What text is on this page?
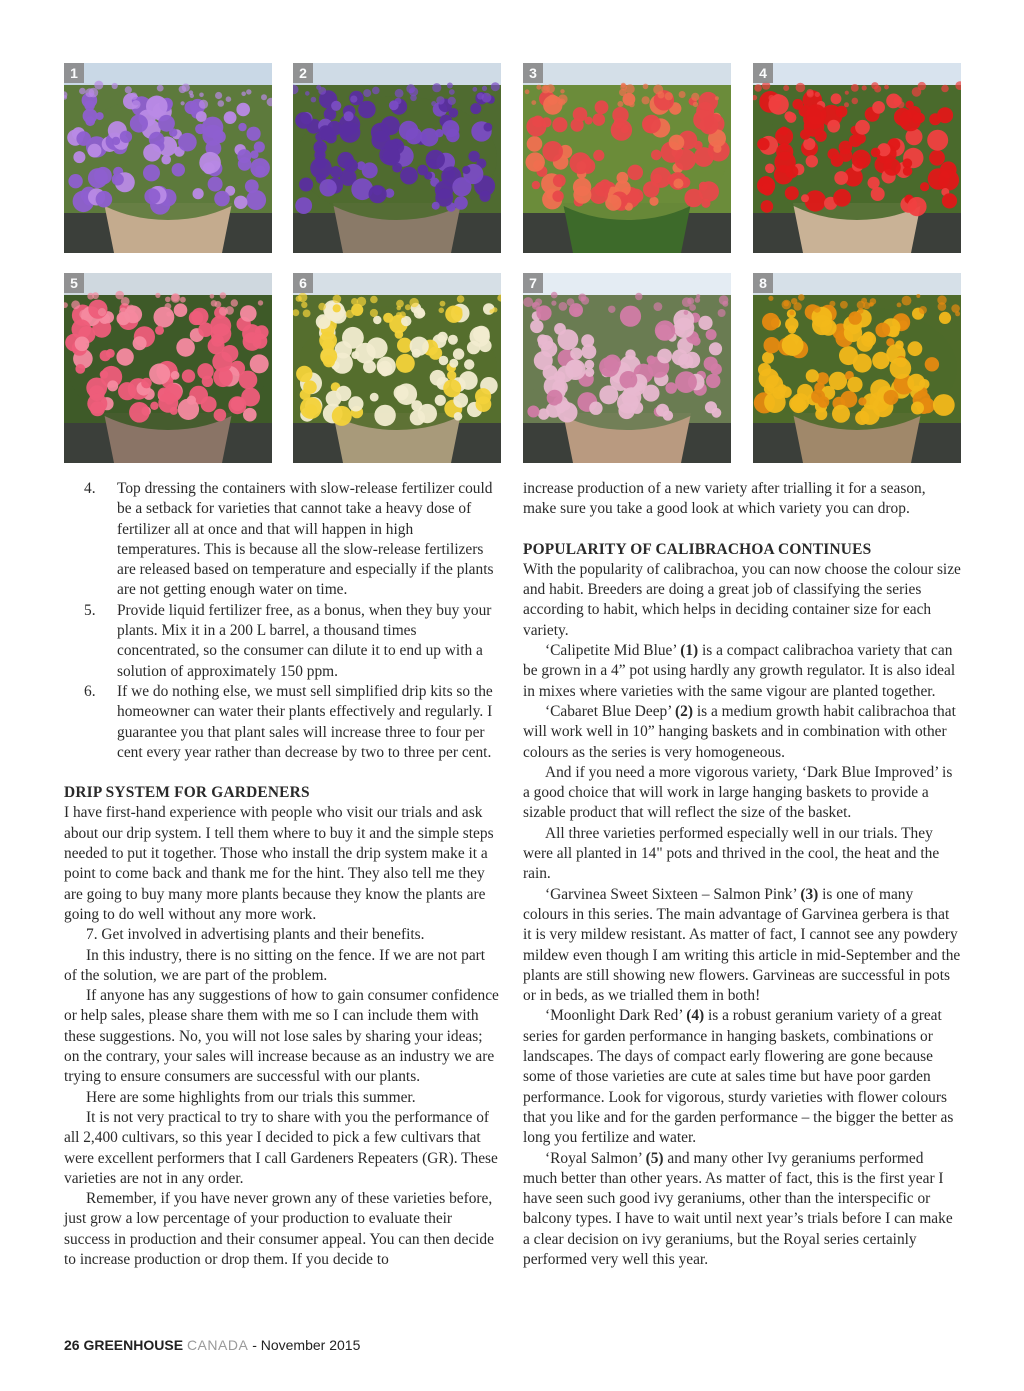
1	2	3	4
5	6	7	8
4. Top dressing the containers with slow-release fertilizer could be a setback for varieties that cannot take a heavy dose of fertilizer all at once and that will happen in high temperatures. This is because all the slow-release fertilizers are released based on temperature and especially if the plants are not getting enough water on time.
5. Provide liquid fertilizer free, as a bonus, when they buy your plants. Mix it in a 200 L barrel, a thousand times concentrated, so the consumer can dilute it to end up with a solution of approximately 150 ppm.
6. If we do nothing else, we must sell simplified drip kits so the homeowner can water their plants effectively and regularly. I guarantee you that plant sales will increase three to four per cent every year rather than decrease by two to three per cent.
DRIP SYSTEM FOR GARDENERS

I have first-hand experience with people who visit our trials and ask about our drip system. I tell them where to buy it and the simple steps needed to put it together. Those who install the drip system make it a point to come back and thank me for the hint. They also tell me they are going to buy many more plants because they know the plants are going to do well without any more work.

7. Get involved in advertising plants and their benefits.

In this industry, there is no sitting on the fence. If we are not part of the solution, we are part of the problem.

If anyone has any suggestions of how to gain consumer confidence or help sales, please share them with me so I can include them with these suggestions. No, you will not lose sales by sharing your ideas; on the contrary, your sales will increase because as an industry we are trying to ensure consumers are successful with our plants.

Here are some highlights from our trials this summer.

It is not very practical to try to share with you the performance of all 2,400 cultivars, so this year I decided to pick a few cultivars that were excellent performers that I call Gardeners Repeaters (GR). These varieties are not in any order.

Remember, if you have never grown any of these varieties before, just grow a low percentage of your production to evaluate their success in production and their consumer appeal. You can then decide to increase production or drop them. If you decide to

increase production of a new variety after trialling it for a season, make sure you take a good look at which variety you can drop.

POPULARITY OF CALIBRACHOA CONTINUES

With the popularity of calibrachoa, you can now choose the colour size and habit. Breeders are doing a great job of classifying the series according to habit, which helps in deciding container size for each variety.

‘Calipetite Mid Blue’ (1) is a compact calibrachoa variety that can be grown in a 4” pot using hardly any growth regulator. It is also ideal in mixes where varieties with the same vigour are planted together.

‘Cabaret Blue Deep’ (2) is a medium growth habit calibrachoa that will work well in 10” hanging baskets and in combination with other colours as the series is very homogeneous.

And if you need a more vigorous variety, ‘Dark Blue Improved’ is a good choice that will work in large hanging baskets to provide a sizable product that will reflect the size of the basket.

All three varieties performed especially well in our trials. They were all planted in 14" pots and thrived in the cool, the heat and the rain.

‘Garvinea Sweet Sixteen – Salmon Pink’ (3) is one of many colours in this series. The main advantage of Garvinea gerbera is that it is very mildew resistant. As matter of fact, I cannot see any powdery mildew even though I am writing this article in mid-September and the plants are still showing new flowers. Garvineas are successful in pots or in beds, as we trialled them in both!

‘Moonlight Dark Red’ (4) is a robust geranium variety of a great series for garden performance in hanging baskets, combinations or landscapes. The days of compact early flowering are gone because some of those varieties are cute at sales time but have poor garden performance. Look for vigorous, sturdy varieties with flower colours that you like and for the garden performance – the bigger the better as long you fertilize and water.

‘Royal Salmon’ (5) and many other Ivy geraniums performed much better than other years. As matter of fact, this is the first year I have seen such good ivy geraniums, other than the interspecific or balcony types. I have to wait until next year’s trials before I can make a clear decision on ivy geraniums, but the Royal series certainly performed very well this year.

26 GREENHOUSE CANADA - November 2015
